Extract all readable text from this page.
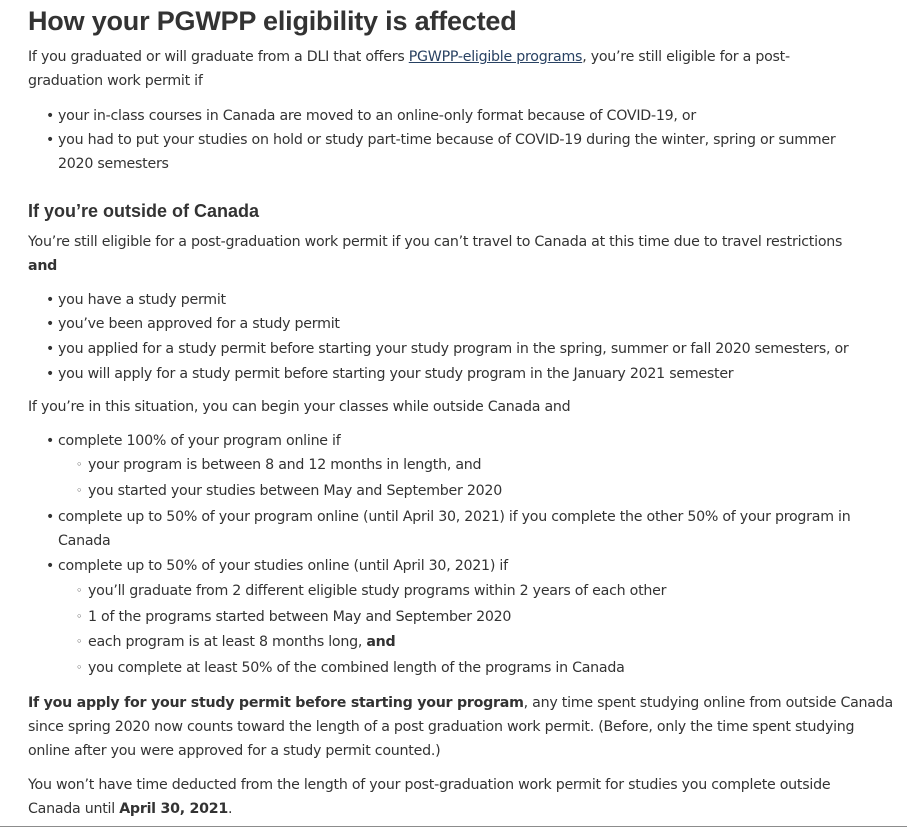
How your PGWPP eligibility is affected

If you graduated or will graduate from a DLI that offers PGWPP-eligible programs, you’re still eligible for a post-

graduation work permit if

• your in-class courses in Canada are moved to an online-only format because of COVID-19, or

• you had to put your studies on hold or study part-time because of COVID-19 during the winter, spring or summer

2020 semesters

If you’re outside of Canada

You’re still eligible for a post-graduation work permit if you can’t travel to Canada at this time due to travel restrictions

and

• you have a study permit

• you’ve been approved for a study permit

• you applied for a study permit before starting your study program in the spring, summer or fall 2020 semesters, or

• you will apply for a study permit before starting your study program in the January 2021 semester

If you’re in this situation, you can begin your classes while outside Canada and

• complete 100% of your program online if

◦ your program is between 8 and 12 months in length, and

◦ you started your studies between May and September 2020

• complete up to 50% of your program online (until April 30, 2021) if you complete the other 50% of your program in

Canada

• complete up to 50% of your studies online (until April 30, 2021) if

◦ you’ll graduate from 2 different eligible study programs within 2 years of each other

◦ 1 of the programs started between May and September 2020

◦ each program is at least 8 months long, and

◦ you complete at least 50% of the combined length of the programs in Canada

If you apply for your study permit before starting your program, any time spent studying online from outside Canada

since spring 2020 now counts toward the length of a post graduation work permit. (Before, only the time spent studying

online after you were approved for a study permit counted.)

You won’t have time deducted from the length of your post-graduation work permit for studies you complete outside

Canada until April 30, 2021.
